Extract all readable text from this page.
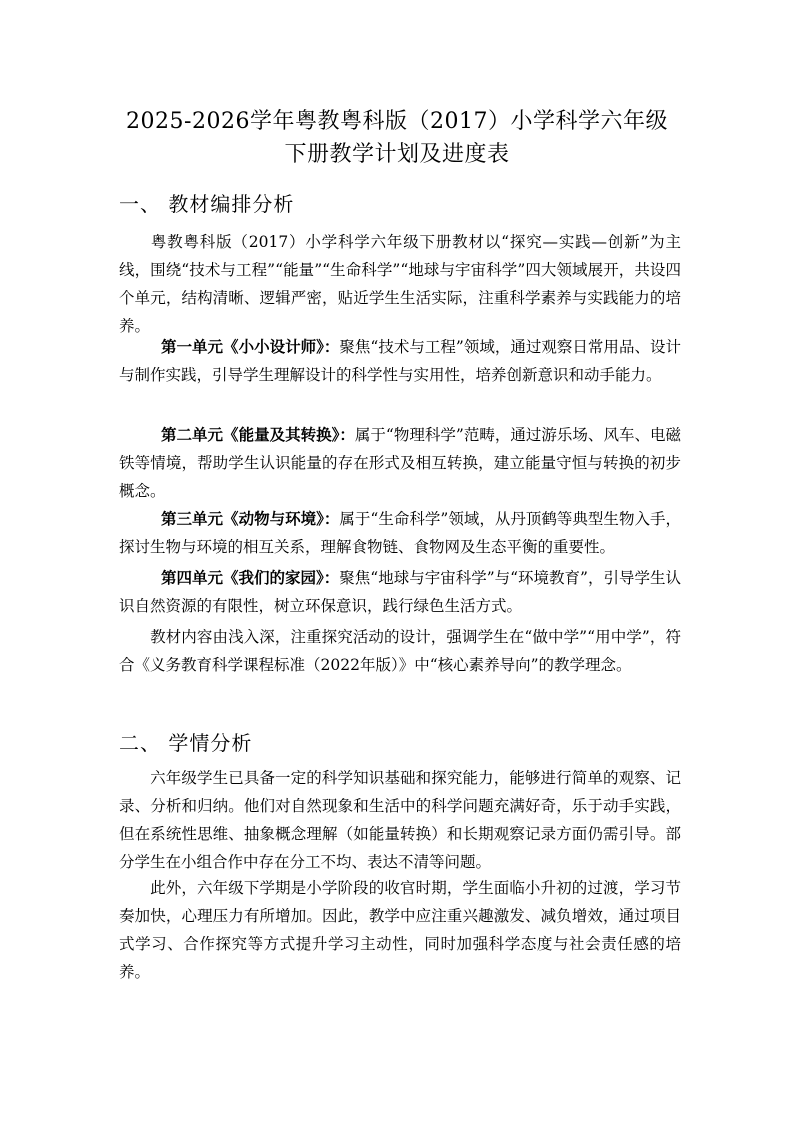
2025-2026学年粤教粤科版（2017）小学科学六年级
下册教学计划及进度表
一、 教材编排分析
粤教粤科版（2017）小学科学六年级下册教材以“探究—实践—创新”为主线，围绕“技术与工程”“能量”“生命科学”“地球与宇宙科学”四大领域展开，共设四个单元，结构清晰、逻辑严密，贴近学生生活实际，注重科学素养与实践能力的培养。
第一单元《小小设计师》：聚焦“技术与工程”领域，通过观察日常用品、设计与制作实践，引导学生理解设计的科学性与实用性，培养创新意识和动手能力。
第二单元《能量及其转换》：属于“物理科学”范畴，通过游乐场、风车、电磁铁等情境，帮助学生认识能量的存在形式及相互转换，建立能量守恒与转换的初步概念。
第三单元《动物与环境》：属于“生命科学”领域，从丹顶鹤等典型生物入手，探讨生物与环境的相互关系，理解食物链、食物网及生态平衡的重要性。
第四单元《我们的家园》：聚焦“地球与宇宙科学”与“环境教育”，引导学生认识自然资源的有限性，树立环保意识，践行绿色生活方式。
教材内容由浅入深，注重探究活动的设计，强调学生在“做中学”“用中学”，符合《义务教育科学课程标准（2022年版）》中“核心素养导向”的教学理念。
二、 学情分析
六年级学生已具备一定的科学知识基础和探究能力，能够进行简单的观察、记录、分析和归纳。他们对自然现象和生活中的科学问题充满好奇，乐于动手实践，但在系统性思维、抽象概念理解（如能量转换）和长期观察记录方面仍需引导。部分学生在小组合作中存在分工不均、表达不清等问题。
此外，六年级下学期是小学阶段的收官时期，学生面临小升初的过渡，学习节奏加快，心理压力有所增加。因此，教学中应注重兴趣激发、减负增效，通过项目式学习、合作探究等方式提升学习主动性，同时加强科学态度与社会责任感的培养。
